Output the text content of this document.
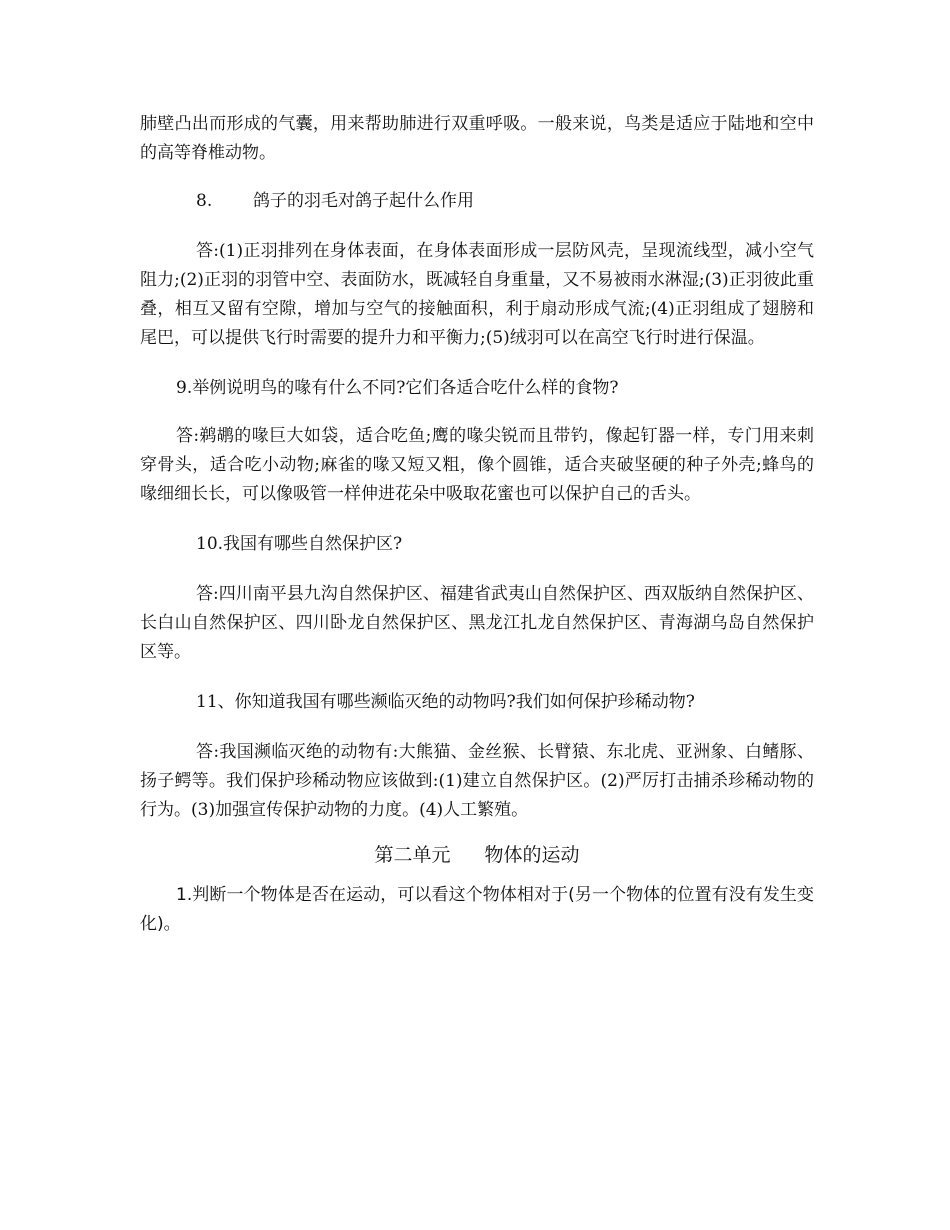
肺壁凸出而形成的气囊，用来帮助肺进行双重呼吸。一般来说，鸟类是适应于陆地和空中的高等脊椎动物。

8. 鸽子的羽毛对鸽子起什么作用

答:(1)正羽排列在身体表面，在身体表面形成一层防风壳，呈现流线型，减小空气阻力;(2)正羽的羽管中空、表面防水，既减轻自身重量，又不易被雨水淋湿;(3)正羽彼此重叠，相互又留有空隙，增加与空气的接触面积，利于扇动形成气流;(4)正羽组成了翅膀和尾巴，可以提供飞行时需要的提升力和平衡力;(5)绒羽可以在高空飞行时进行保温。

9.举例说明鸟的喙有什么不同?它们各适合吃什么样的食物?

答:鹈鹕的喙巨大如袋，适合吃鱼;鹰的喙尖锐而且带钓，像起钉器一样，专门用来刺穿骨头，适合吃小动物;麻雀的喙又短又粗，像个圆锥，适合夹破坚硬的种子外壳;蜂鸟的喙细细长长，可以像吸管一样伸进花朵中吸取花蜜也可以保护自己的舌头。

10.我国有哪些自然保护区?

答:四川南平县九沟自然保护区、福建省武夷山自然保护区、西双版纳自然保护区、长白山自然保护区、四川卧龙自然保护区、黑龙江扎龙自然保护区、青海湖乌岛自然保护区等。

11、你知道我国有哪些濒临灭绝的动物吗?我们如何保护珍稀动物?

答:我国濒临灭绝的动物有:大熊猫、金丝猴、长臂猿、东北虎、亚洲象、白鳍豚、扬子鳄等。我们保护珍稀动物应该做到:(1)建立自然保护区。(2)严厉打击捕杀珍稀动物的行为。(3)加强宣传保护动物的力度。(4)人工繁殖。

第二单元 物体的运动

1.判断一个物体是否在运动，可以看这个物体相对于(另一个物体的位置有没有发生变化)。
